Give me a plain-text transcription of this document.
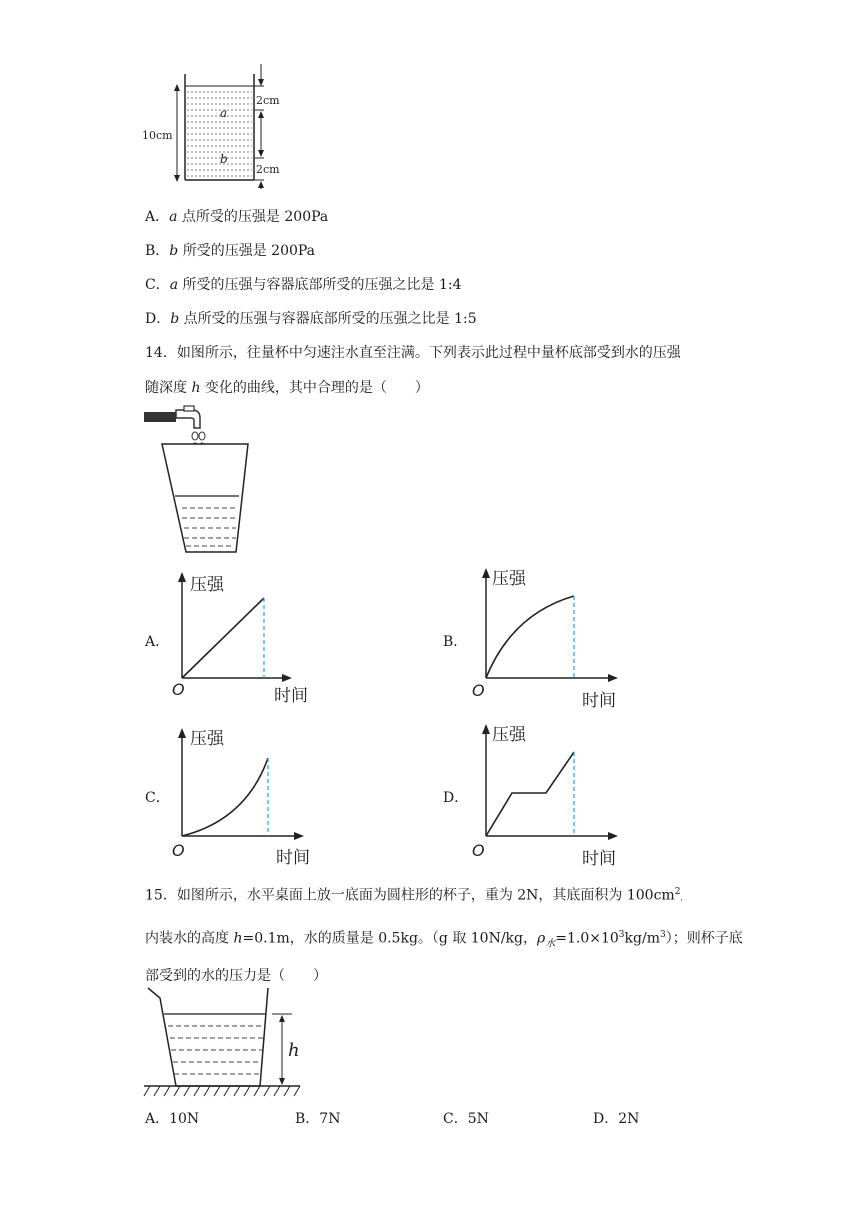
10cm
2cm
2cm
a
b
A．a 点所受的压强是 200Pa
B．b 所受的压强是 200Pa
C．a 所受的压强与容器底部所受的压强之比是 1:4
D．b 点所受的压强与容器底部所受的压强之比是 1:5
14．如图所示，往量杯中匀速注水直至注满。下列表示此过程中量杯底部受到水的压强
随深度 h 变化的曲线，其中合理的是（　　）
A．
压强
O	时间
B．
压强
O
时间
C．
压强
O	时间
D．
压强
O	时间
15．如图所示，水平桌面上放一底面为圆柱形的杯子，重为 2N，其底面积为 $100cm^2$，
内装水的高度 h=0.1m，水的质量是 0.5kg。（g 取 10N/kg，$\rho_水=1.0\times 10^3kg/m^3$）；则杯子底
部受到的水的压力是（　　）
h
A．10N	B．7N	C．5N	D．2N
